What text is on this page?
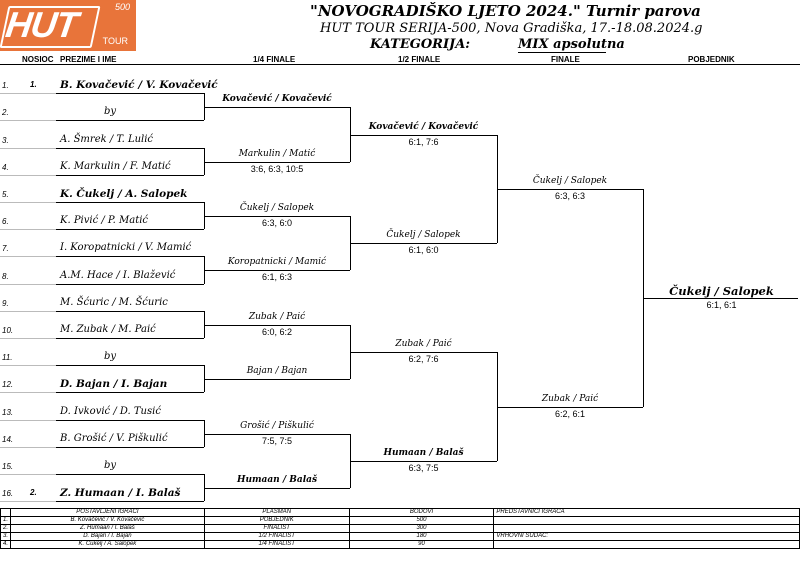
HUT	500
TOUR
"NOVOGRADIŠKO LJETO 2024." Turnir parova
HUT TOUR SERIJA-500, Nova Gradiška, 17.-18.08.2024.g
KATEGORIJA:	MIX apsolutna
NOSIOC PREZIME I IME	1/4 FINALE	1/2 FINALE	FINALE	POBJEDNIK
1.	1. B. Kovačević / V. Kovačević
2.	by
3.	A. Šmrek / T. Lulić
4.	K. Markulin / F. Matić
5.	K. Čukelj / A. Salopek
6.	K. Pivić / P. Matić
7.	I. Koropatnicki / V. Mamić
8.	A.M. Hace / I. Blažević
9.	M. Šćuric / M. Šćuric
10.	M. Zubak / M. Paić
11.	by
12.	D. Bajan / I. Bajan
13.	D. Ivković / D. Tusić
14.	B. Grošić / V. Piškulić
15.	by
16. 2. Z. Humaan / I. Balaš
Kovačević / Kovačević
Markulin / Matić
3:6, 6:3, 10:5
Čukelj / Salopek
6:3, 6:0
Koropatnicki / Mamić
6:1, 6:3
Zubak / Paić
6:0, 6:2
Bajan / Bajan
Grošić / Piškulić
7:5, 7:5
Humaan / Balaš
Kovačević / Kovačević
6:1, 7:6
Čukelj / Salopek
6:1, 6:0
Zubak / Paić
6:2, 7:6
Humaan / Balaš
6:3, 7:5
Čukelj / Salopek
6:3, 6:3
Zubak / Paić
6:2, 6:1
Čukelj / Salopek
6:1, 6:1
	POSTAVLJENI IGRAČI	PLASMAN	BODOVI	PREDSTAVNICI IGRAČA
1.	B. Kovačević / V. Kovačević	POBJEDNIK	500	
2.	Z. Humaan / I. Balaš	FINALIST	300	
3.	D. Bajan / I. Bajan	1/2 FINALIST	180	VRHOVNI SUDAC:
4.	K. Čukelj / A. Salopek	1/4 FINALIST	90	
